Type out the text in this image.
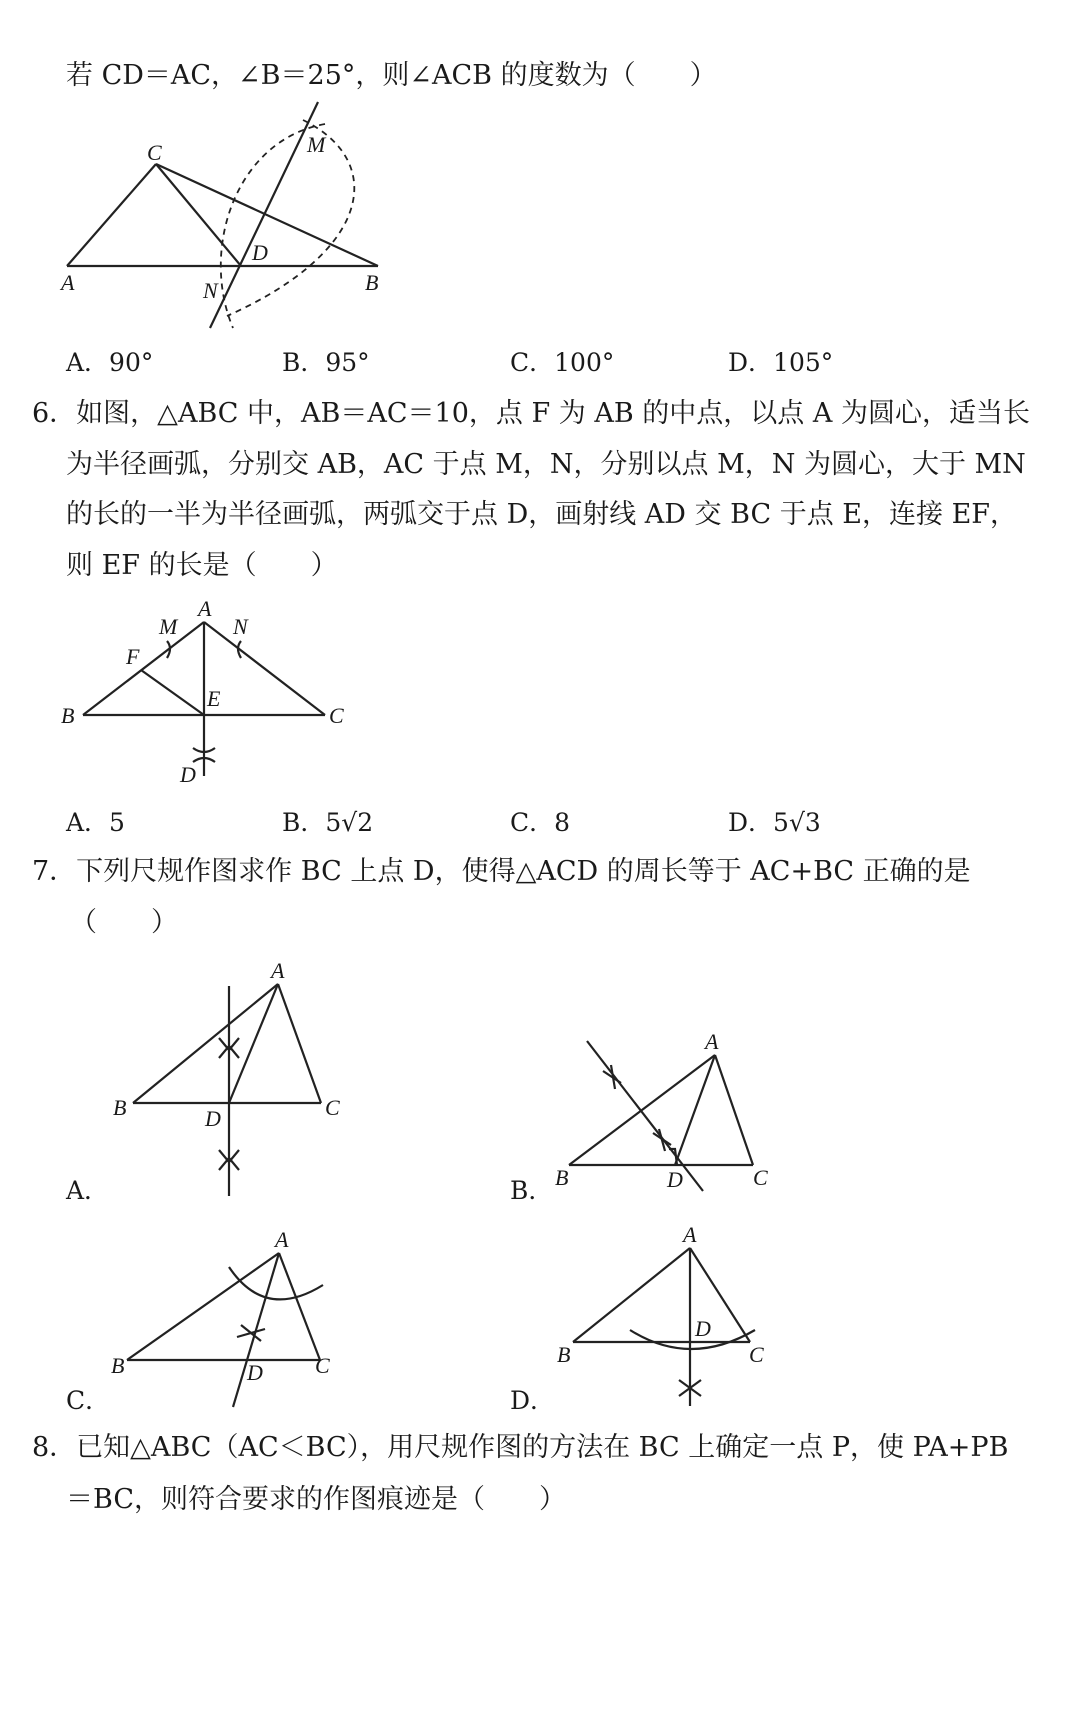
若 CD＝AC，∠B＝25°，则∠ACB 的度数为（　　）
C
A	B
D
M
N
A．90°	B．95°	C．100°	D．105°
6．如图，△ABC 中，AB＝AC＝10，点 F 为 AB 的中点，以点 A 为圆心，适当长
为半径画弧，分别交 AB，AC 于点 M，N，分别以点 M，N 为圆心，大于 MN
的长的一半为半径画弧，两弧交于点 D，画射线 AD 交 BC 于点 E，连接 EF，
则 EF 的长是（　　）
A
M	N
F
B	C
E
D
A．5	B．5√2	C．8	D．5√3
7．下列尺规作图求作 BC 上点 D，使得△ACD 的周长等于 AC+BC 正确的是
（　　）
A
B	C
D
A．
A
B	C
D
B．
A
B	C
D
C．
A
B	C
D
D．
8．已知△ABC（AC＜BC），用尺规作图的方法在 BC 上确定一点 P，使 PA+PB
＝BC，则符合要求的作图痕迹是（　　）
